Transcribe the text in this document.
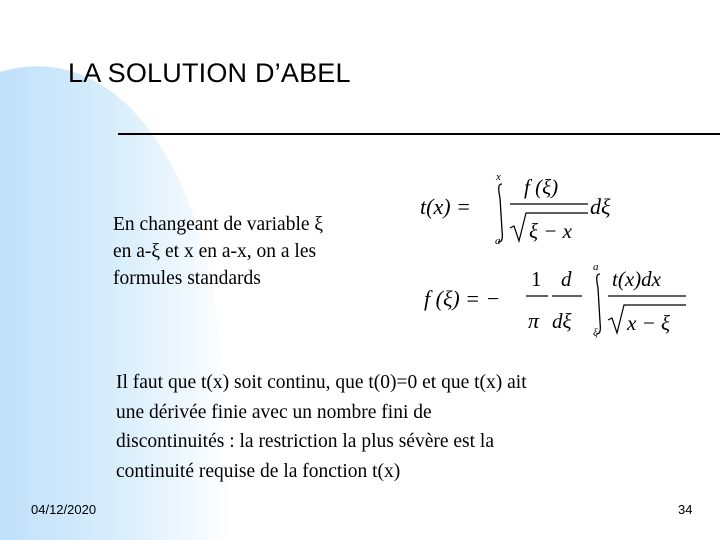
LA SOLUTION D’ABEL
En changeant de variable ξ
en a-ξ et x en a-x, on a les
formules standards
t(x) =
x
a
f (ξ)
ξ − x
dξ
f (ξ) = −
1
π
d
dξ
a
ξ
t(x)dx
x − ξ
Il faut que t(x) soit continu, que t(0)=0 et que t(x) ait
une dérivée finie avec un nombre fini de
discontinuités : la restriction la plus sévère est la
continuité requise de la fonction t(x)
04/12/2020	34
